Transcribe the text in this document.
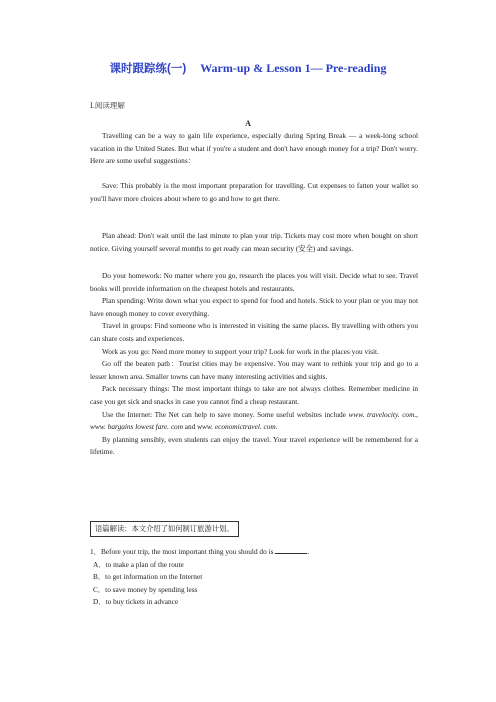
课时跟踪练(一) Warm-up & Lesson 1— Pre-reading
Ⅰ.阅读理解
A

Travelling can be a way to gain life experience, especially during Spring Break — a week-long school vacation in the United States. But what if you're a student and don't have enough money for a trip? Don't worry. Here are some useful suggestions：

Save: This probably is the most important preparation for travelling. Cut expenses to fatten your wallet so you'll have more choices about where to go and how to get there.

Plan ahead: Don't wait until the last minute to plan your trip. Tickets may cost more when bought on short notice. Giving yourself several months to get ready can mean security (安全) and savings.

Do your homework: No matter where you go, research the places you will visit. Decide what to see. Travel books will provide information on the cheapest hotels and restaurants.

Plan spending: Write down what you expect to spend for food and hotels. Stick to your plan or you may not have enough money to cover everything.

Travel in groups: Find someone who is interested in visiting the same places. By travelling with others you can share costs and experiences.

Work as you go: Need more money to support your trip? Look for work in the places you visit.

Go off the beaten path：Tourist cities may be expensive. You may want to rethink your trip and go to a lesser known area. Smaller towns can have many interesting activities and sights.

Pack necessary things: The most important things to take are not always clothes. Remember medicine in case you get sick and snacks in case you cannot find a cheap restaurant.

Use the Internet: The Net can help to save money. Some useful websites include www. travelocity. com., www. bargains lowest fare. com and www. economictravel. com.

By planning sensibly, even students can enjoy the travel. Your travel experience will be remembered for a lifetime.

语篇解读：本文介绍了如何制订旅游计划。
1．Before your trip, the most important thing you should do is	.
A．to make a plan of the route
B．to get information on the Internet
C．to save money by spending less
D．to buy tickets in advance
